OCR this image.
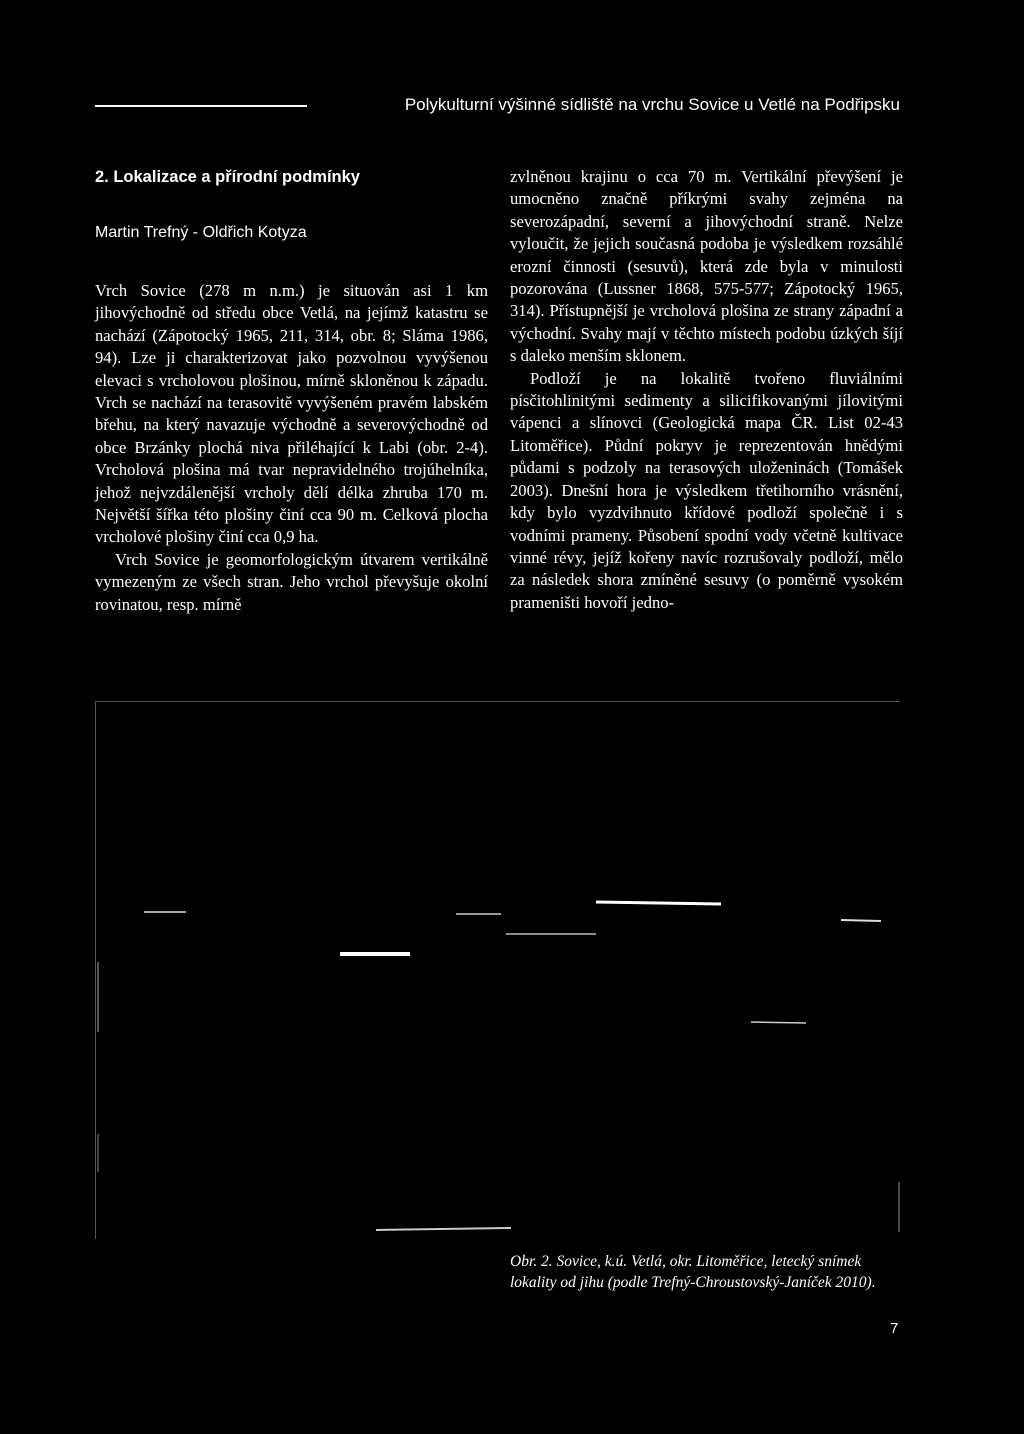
Polykulturní výšinné sídliště na vrchu Sovice u Vetlé na Podřipsku
2. Lokalizace a přírodní podmínky

Martin Trefný - Oldřich Kotyza

Vrch Sovice (278 m n.m.) je situován asi 1 km jihovýchodně od středu obce Vetlá, na jejímž katastru se nachází (Zápotocký 1965, 211, 314, obr. 8; Sláma 1986, 94). Lze ji charakterizovat jako pozvolnou vyvýšenou elevaci s vrcholovou plošinou, mírně skloněnou k západu. Vrch se nachází na terasovitě vyvýšeném pravém labském břehu, na který navazuje východně a severovýchodně od obce Brzánky plochá niva přiléhající k Labi (obr. 2-4). Vrcholová plošina má tvar nepravidelného trojúhelníka, jehož nejvzdálenější vrcholy dělí délka zhruba 170 m. Největší šířka této plošiny činí cca 90 m. Celková plocha vrcholové plošiny činí cca 0,9 ha.

Vrch Sovice je geomorfologickým útvarem vertikálně vymezeným ze všech stran. Jeho vrchol převyšuje okolní rovinatou, resp. mírně

zvlněnou krajinu o cca 70 m. Vertikální převýšení je umocněno značně příkrými svahy zejména na severozápadní, severní a jihovýchodní straně. Nelze vyloučit, že jejich současná podoba je výsledkem rozsáhlé erozní činnosti (sesuvů), která zde byla v minulosti pozorována (Lussner 1868, 575-577; Zápotocký 1965, 314). Přístupnější je vrcholová plošina ze strany západní a východní. Svahy mají v těchto místech podobu úzkých šíjí s daleko menším sklonem.

Podloží je na lokalitě tvořeno fluviálními písčitohlinitými sedimenty a silicifikovanými jílovitými vápenci a slínovci (Geologická mapa ČR. List 02-43 Litoměřice). Půdní pokryv je reprezentován hnědými půdami s podzoly na terasových uloženinách (Tomášek 2003). Dnešní hora je výsledkem třetihorního vrásnění, kdy bylo vyzdvihnuto křídové podloží společně i s vodními prameny. Působení spodní vody včetně kultivace vinné révy, jejíž kořeny navíc rozrušovaly podloží, mělo za následek shora zmíněné sesuvy (o poměrně vysokém prameništi hovoří jedno-

Obr. 2. Sovice, k.ú. Vetlá, okr. Litoměřice, letecký snímek lokality od jihu (podle Trefný-Chroustovský-Janíček 2010).
7
